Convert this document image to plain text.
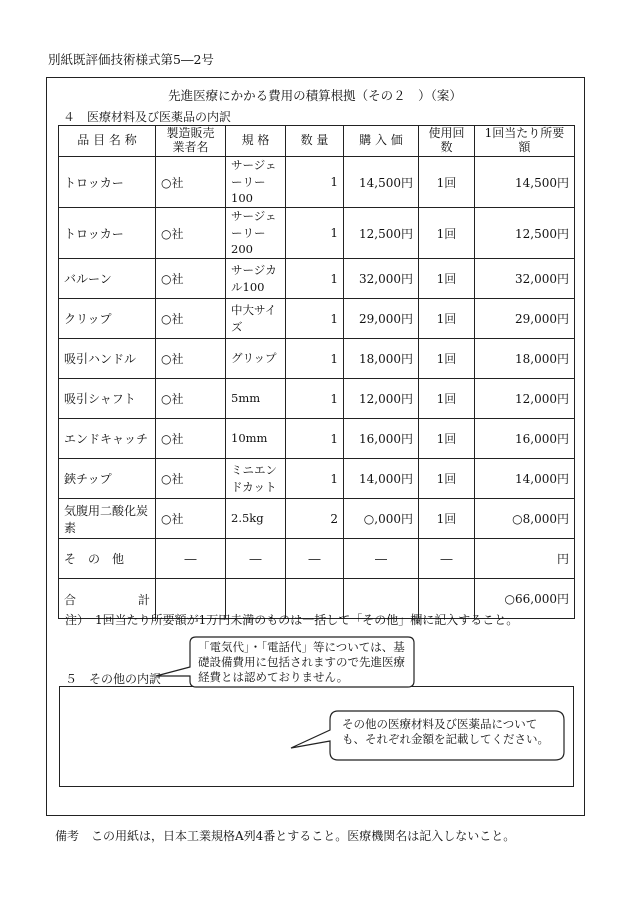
別紙既評価技術様式第5―2号
先進医療にかかる費用の積算根拠（その２　）（案）
４　医療材料及び医薬品の内訳
品 目 名 称	製造販売業者名	規 格	数 量	購 入 価	使用回数	1回当たり所要額
トロッカー	○社	サージェーリー100	1	14,500円	1回	14,500円
トロッカー	○社	サージェーリー200	1	12,500円	1回	12,500円
バルーン	○社	サージカル100	1	32,000円	1回	32,000円
クリップ	○社	中大サイズ	1	29,000円	1回	29,000円
吸引ハンドル	○社	グリップ	1	18,000円	1回	18,000円
吸引シャフト	○社	5mm	1	12,000円	1回	12,000円
エンドキャッチ	○社	10mm	1	16,000円	1回	16,000円
鋏チップ	○社	ミニエンドカット	1	14,000円	1回	14,000円
気腹用二酸化炭素	○社	2.5kg	2	○,000円	1回	○8,000円
そ　の　他	―	―	―	―	―	円

合 計						○66,000円
注）　1回当たり所要額が1万円未満のものは一括して「その他」欄に記入すること。
５　その他の内訳
「電気代」・「電話代」等については、基礎設備費用に包括されますので先進医療経費とは認めておりません。
その他の医療材料及び医薬品についても、それぞれ金額を記載してください。
備考　この用紙は，日本工業規格A列4番とすること。医療機関名は記入しないこと。
